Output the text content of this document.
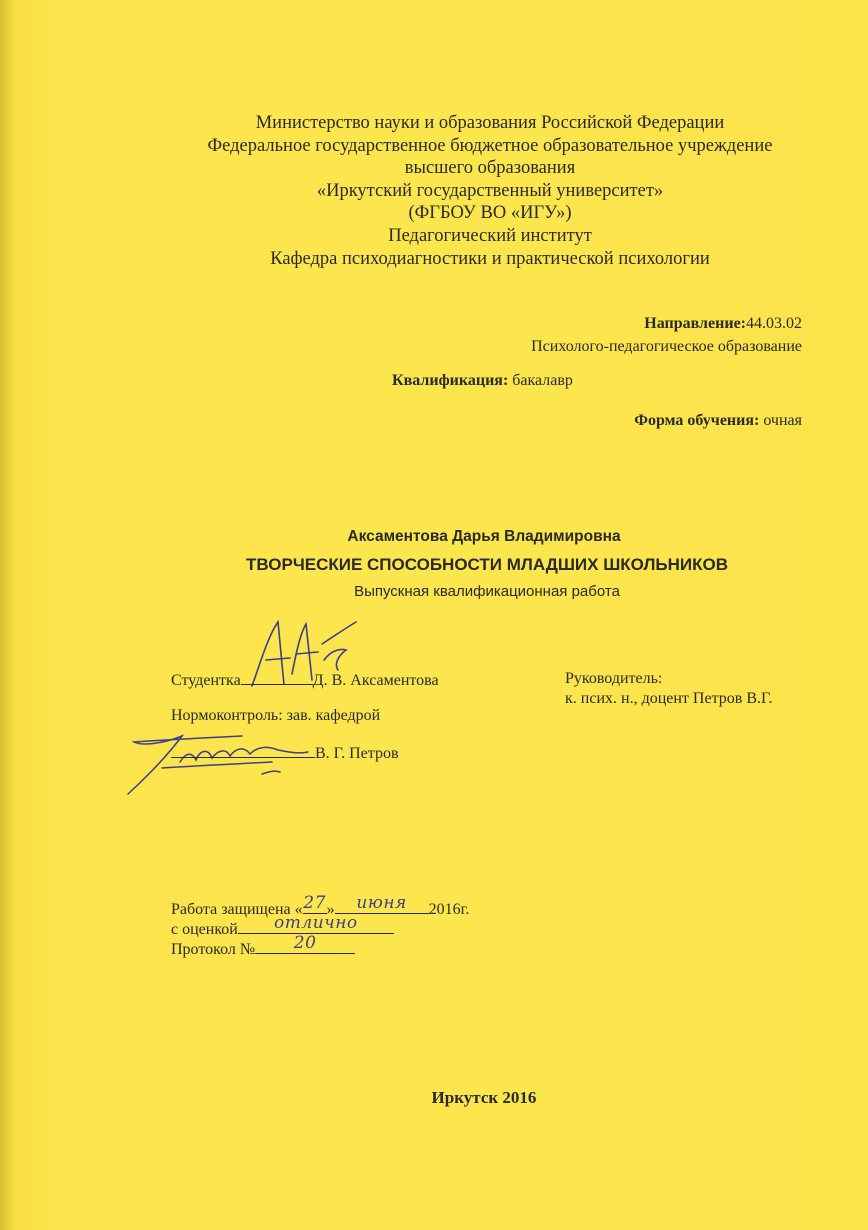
Министерство науки и образования Российской Федерации
Федеральное государственное бюджетное образовательное учреждение
высшего образования
«Иркутский государственный университет»
(ФГБОУ ВО «ИГУ»)
Педагогический институт
Кафедра психодиагностики и практической психологии
Направление:44.03.02
Психолого-педагогическое образование
Квалификация: бакалавр
Форма обучения: очная
Аксаментова Дарья Владимировна
ТВОРЧЕСКИЕ СПОСОБНОСТИ МЛАДШИХ ШКОЛЬНИКОВ
Выпускная квалификационная работа
Студентка	Д. В. Аксаментова	Руководитель:
к. псих. н., доцент Петров В.Г.
Нормоконтроль: зав. кафедрой
В. Г. Петров
Работа защищена « 27 »	июня	2016г.
с оценкой	отлично
Протокол №	20
Иркутск 2016
